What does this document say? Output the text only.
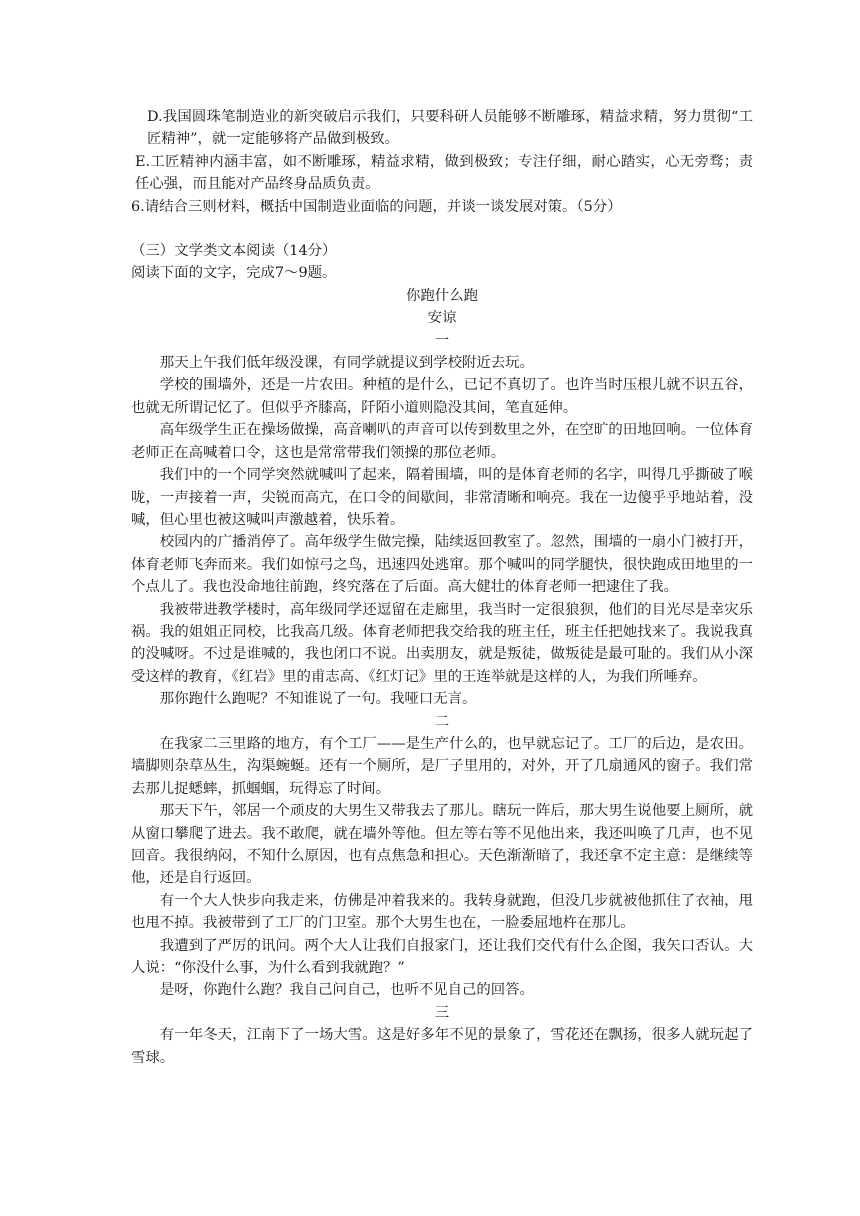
D.我国圆珠笔制造业的新突破启示我们，只要科研人员能够不断雕琢，精益求精，努力贯彻“工匠精神”，就一定能够将产品做到极致。

E.工匠精神内涵丰富，如不断雕琢，精益求精，做到极致；专注仔细，耐心踏实，心无旁骛；责任心强，而且能对产品终身品质负责。

6.请结合三则材料，概括中国制造业面临的问题，并谈一谈发展对策。（5分）

（三）文学类文本阅读（14分）

阅读下面的文字，完成7～9题。

你跑什么跑

安谅

一

那天上午我们低年级没课，有同学就提议到学校附近去玩。

学校的围墙外，还是一片农田。种植的是什么，已记不真切了。也许当时压根儿就不识五谷，也就无所谓记忆了。但似乎齐膝高，阡陌小道则隐没其间，笔直延伸。

高年级学生正在操场做操，高音喇叭的声音可以传到数里之外，在空旷的田地回响。一位体育老师正在高喊着口令，这也是常常带我们领操的那位老师。

我们中的一个同学突然就喊叫了起来，隔着围墙，叫的是体育老师的名字，叫得几乎撕破了喉咙，一声接着一声，尖锐而高亢，在口令的间歇间，非常清晰和响亮。我在一边傻乎乎地站着，没喊，但心里也被这喊叫声激越着，快乐着。

校园内的广播消停了。高年级学生做完操，陆续返回教室了。忽然，围墙的一扇小门被打开，体育老师飞奔而来。我们如惊弓之鸟，迅速四处逃窜。那个喊叫的同学腿快，很快跑成田地里的一个点儿了。我也没命地往前跑，终究落在了后面。高大健壮的体育老师一把逮住了我。

我被带进教学楼时，高年级同学还逗留在走廊里，我当时一定很狼狈，他们的目光尽是幸灾乐祸。我的姐姐正同校，比我高几级。体育老师把我交给我的班主任，班主任把她找来了。我说我真的没喊呀。不过是谁喊的，我也闭口不说。出卖朋友，就是叛徒，做叛徒是最可耻的。我们从小深受这样的教育，《红岩》里的甫志高、《红灯记》里的王连举就是这样的人，为我们所唾弃。

那你跑什么跑呢？不知谁说了一句。我哑口无言。

二

在我家二三里路的地方，有个工厂——是生产什么的，也早就忘记了。工厂的后边，是农田。墙脚则杂草丛生，沟渠蜿蜒。还有一个厕所，是厂子里用的，对外，开了几扇通风的窗子。我们常去那儿捉蟋蟀，抓蝈蝈，玩得忘了时间。

那天下午，邻居一个顽皮的大男生又带我去了那儿。瞎玩一阵后，那大男生说他要上厕所，就从窗口攀爬了进去。我不敢爬，就在墙外等他。但左等右等不见他出来，我还叫唤了几声，也不见回音。我很纳闷，不知什么原因，也有点焦急和担心。天色渐渐暗了，我还拿不定主意：是继续等他，还是自行返回。

有一个大人快步向我走来，仿佛是冲着我来的。我转身就跑，但没几步就被他抓住了衣袖，甩也甩不掉。我被带到了工厂的门卫室。那个大男生也在，一脸委屈地杵在那儿。

我遭到了严厉的讯问。两个大人让我们自报家门，还让我们交代有什么企图，我矢口否认。大人说：“你没什么事，为什么看到我就跑？”

是呀，你跑什么跑？我自己问自己，也听不见自己的回答。

三

有一年冬天，江南下了一场大雪。这是好多年不见的景象了，雪花还在飘扬，很多人就玩起了雪球。
